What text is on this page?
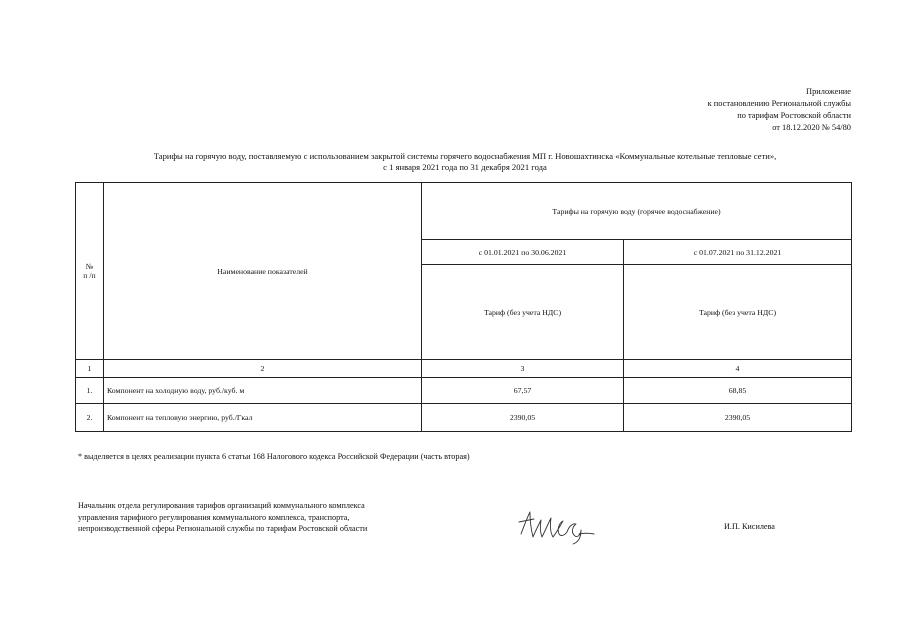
Приложение
к постановлению Региональной службы
по тарифам Ростовской области
от 18.12.2020 № 54/80
Тарифы на горячую воду, поставляемую с использованием закрытой системы горячего водоснабжения МП г. Новошахтинска «Коммунальные котельные тепловые сети»,
с 1 января 2021 года по 31 декабря 2021 года
№
п /п	Наименование показателей	Тарифы на горячую воду (горячее водоснабжение)	
		с 01.01.2021 по 30.06.2021	с 01.07.2021 по 31.12.2021
		Тариф (без учета НДС)	Тариф (без учета НДС)
1	2	3	4
1.	Компонент на холодную воду, руб./куб. м	67,57	68,85
2.	Компонент на тепловую энергию, руб./Гкал	2390,05	2390,05
* выделяется в целях реализации пункта 6 статьи 168 Налогового кодекса Российской Федерации (часть вторая)
Начальник отдела регулирования тарифов организаций коммунального комплекса
управления тарифного регулирования коммунального комплекса, транспорта,
непроизводственной сферы Региональной службы по тарифам Ростовской области	И.П. Кисилева
